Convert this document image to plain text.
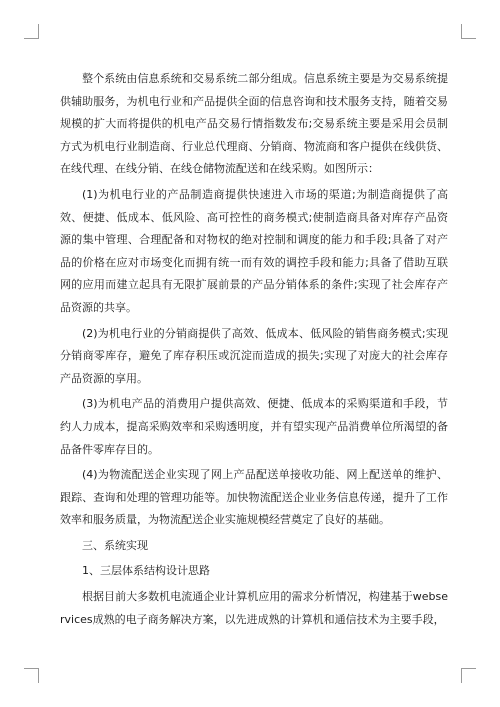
整个系统由信息系统和交易系统二部分组成。信息系统主要是为交易系统提供辅助服务，为机电行业和产品提供全面的信息咨询和技术服务支持，随着交易规模的扩大而将提供的机电产品交易行情指数发布;交易系统主要是采用会员制方式为机电行业制造商、行业总代理商、分销商、物流商和客户提供在线供货、在线代理、在线分销、在线仓储物流配送和在线采购。如图所示：

(1)为机电行业的产品制造商提供快速进入市场的渠道;为制造商提供了高效、便捷、低成本、低风险、高可控性的商务模式;使制造商具备对库存产品资源的集中管理、合理配备和对物权的绝对控制和调度的能力和手段;具备了对产品的价格在应对市场变化而拥有统一而有效的调控手段和能力;具备了借助互联网的应用而建立起具有无限扩展前景的产品分销体系的条件;实现了社会库存产品资源的共享。

(2)为机电行业的分销商提供了高效、低成本、低风险的销售商务模式;实现分销商零库存，避免了库存积压或沉淀而造成的损失;实现了对庞大的社会库存产品资源的享用。

(3)为机电产品的消费用户提供高效、便捷、低成本的采购渠道和手段，节约人力成本，提高采购效率和采购透明度，并有望实现产品消费单位所渴望的备品备件零库存目的。

(4)为物流配送企业实现了网上产品配送单接收功能、网上配送单的维护、跟踪、查询和处理的管理功能等。加快物流配送企业业务信息传递，提升了工作效率和服务质量，为物流配送企业实施规模经营奠定了良好的基础。

三、系统实现

1、三层体系结构设计思路

根据目前大多数机电流通企业计算机应用的需求分析情况，构建基于webservices成熟的电子商务解决方案，以先进成熟的计算机和通信技术为主要手段，
